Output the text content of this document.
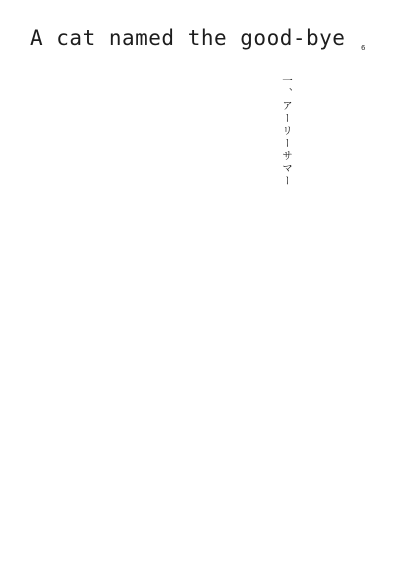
A cat named the good-bye	6
一、アーリーサマー
